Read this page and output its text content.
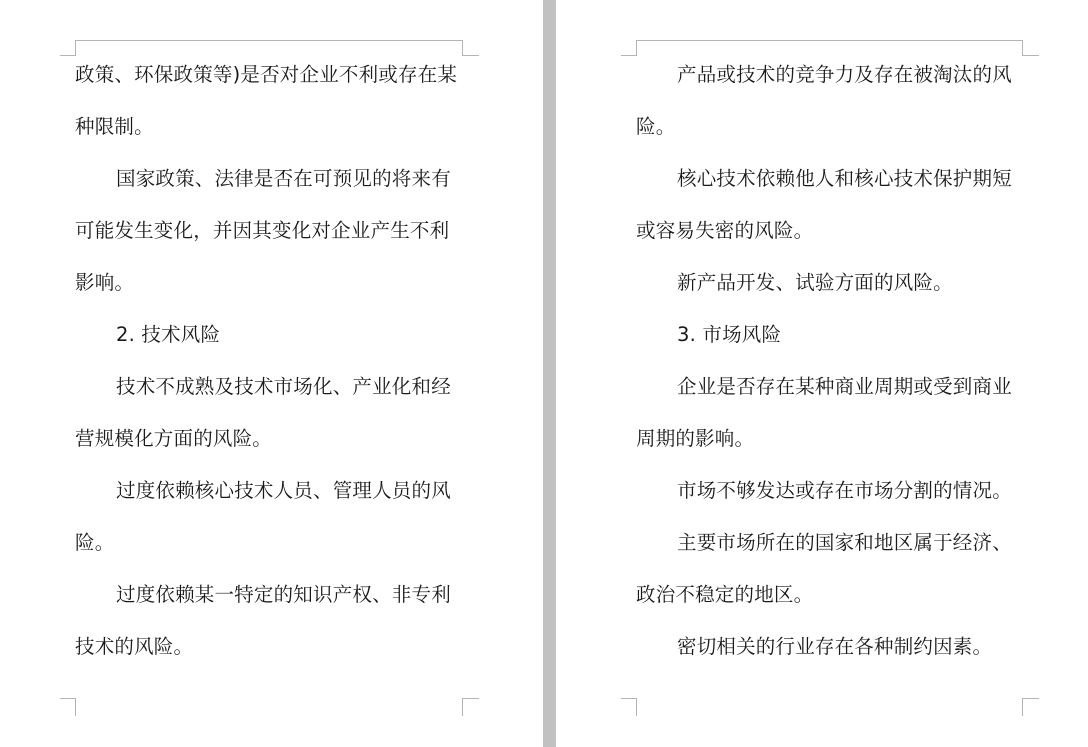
政策、环保政策等)是否对企业不利或存在某
种限制。
国家政策、法律是否在可预见的将来有
可能发生变化，并因其变化对企业产生不利
影响。
2. 技术风险
技术不成熟及技术市场化、产业化和经
营规模化方面的风险。
过度依赖核心技术人员、管理人员的风
险。
过度依赖某一特定的知识产权、非专利
技术的风险。
产品或技术的竞争力及存在被淘汰的风
险。
核心技术依赖他人和核心技术保护期短
或容易失密的风险。
新产品开发、试验方面的风险。
3. 市场风险
企业是否存在某种商业周期或受到商业
周期的影响。
市场不够发达或存在市场分割的情况。
主要市场所在的国家和地区属于经济、
政治不稳定的地区。
密切相关的行业存在各种制约因素。
